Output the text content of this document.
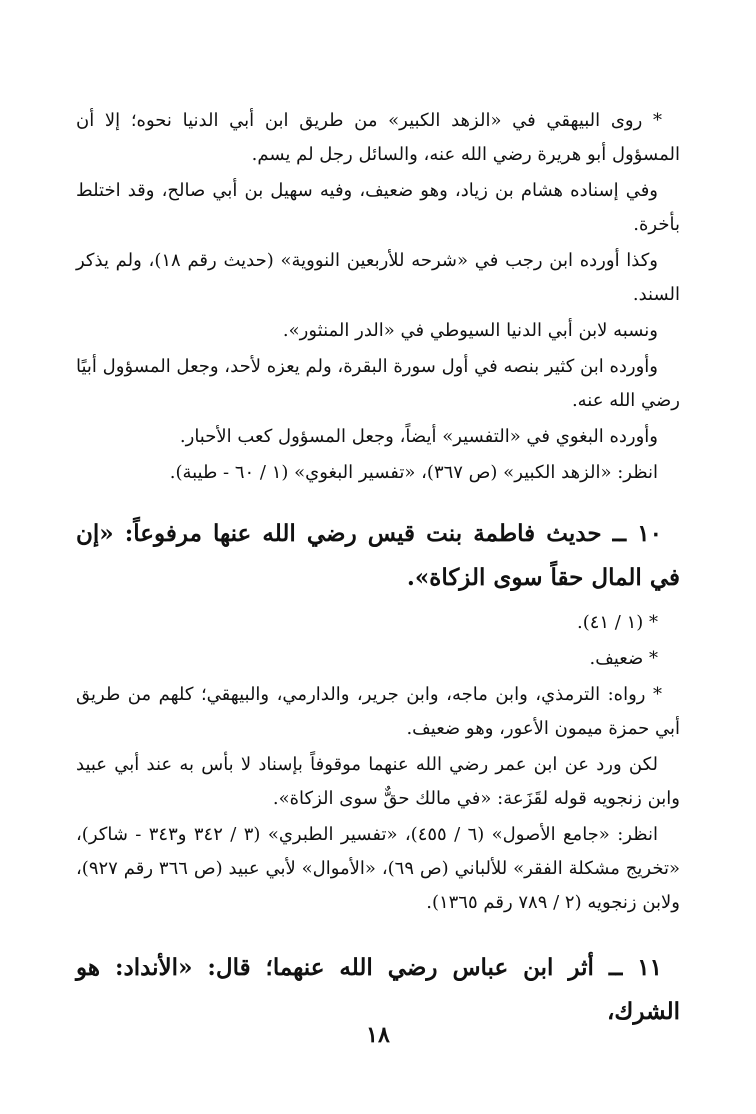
* روى البيهقي في «الزهد الكبير» من طريق ابن أبي الدنيا نحوه؛ إلا أن المسؤول أبو هريرة رضي الله عنه، والسائل رجل لم يسم.

وفي إسناده هشام بن زياد، وهو ضعيف، وفيه سهيل بن أبي صالح، وقد اختلط بأخرة.

وكذا أورده ابن رجب في «شرحه للأربعين النووية» (حديث رقم ١٨)، ولم يذكر السند.

ونسبه لابن أبي الدنيا السيوطي في «الدر المنثور».

وأورده ابن كثير بنصه في أول سورة البقرة، ولم يعزه لأحد، وجعل المسؤول أبيًا رضي الله عنه.

وأورده البغوي في «التفسير» أيضاً، وجعل المسؤول كعب الأحبار.

انظر: «الزهد الكبير» (ص ٣٦٧)، «تفسير البغوي» (١ / ٦٠ - طيبة).

١٠ ــ حديث فاطمة بنت قيس رضي الله عنها مرفوعاً: «إن في المال حقاً سوى الزكاة».

* (١ / ٤١).

* ضعيف.

* رواه: الترمذي، وابن ماجه، وابن جرير، والدارمي، والبيهقي؛ كلهم من طريق أبي حمزة ميمون الأعور، وهو ضعيف.

لكن ورد عن ابن عمر رضي الله عنهما موقوفاً بإسناد لا بأس به عند أبي عبيد وابن زنجويه قوله لقَزَعة: «في مالك حقٌّ سوى الزكاة».

انظر: «جامع الأصول» (٦ / ٤٥٥)، «تفسير الطبري» (٣ / ٣٤٢ و٣٤٣ - شاكر)، «تخريج مشكلة الفقر» للألباني (ص ٦٩)، «الأموال» لأبي عبيد (ص ٣٦٦ رقم ٩٢٧)، ولابن زنجويه (٢ / ٧٨٩ رقم ١٣٦٥).

١١ ــ أثر ابن عباس رضي الله عنهما؛ قال: «الأنداد: هو الشرك،
١٨
